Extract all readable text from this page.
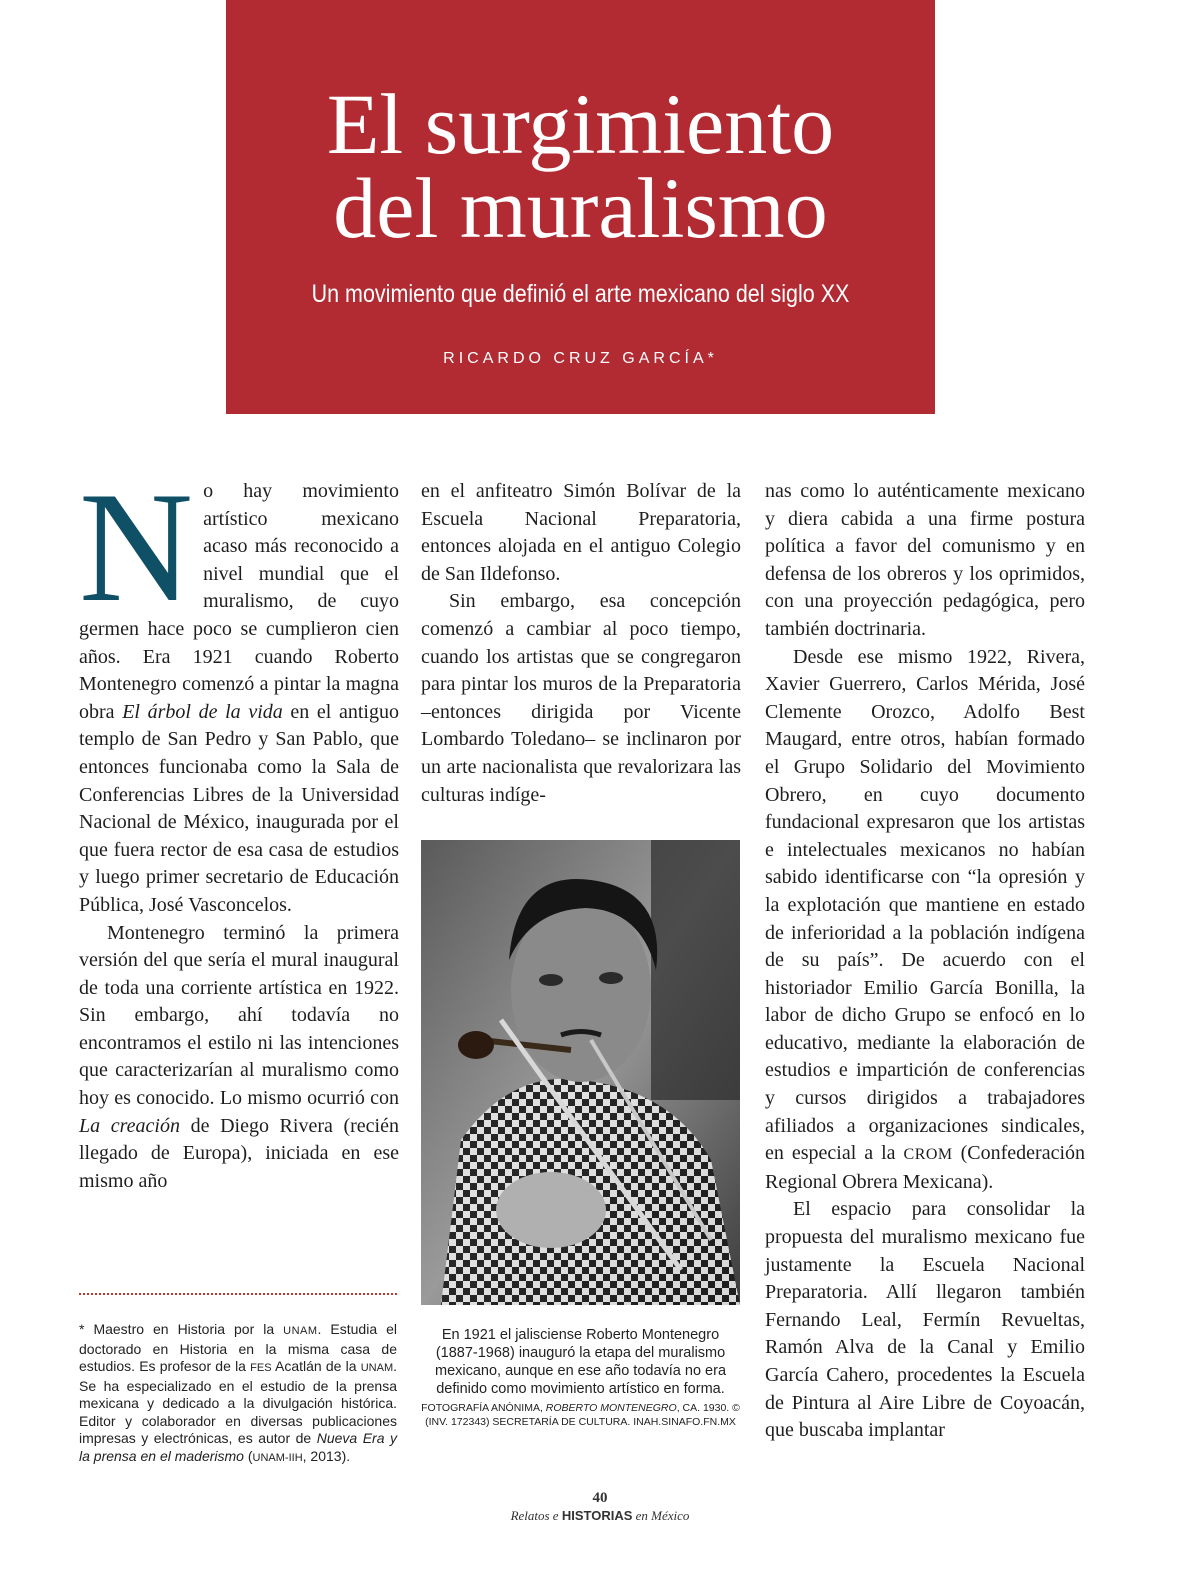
El surgimiento
del muralismo
Un movimiento que definió el arte mexicano del siglo XX
RICARDO CRUZ GARCÍA*

No hay movimiento artístico mexicano acaso más reconocido a nivel mundial que el muralismo, de cuyo germen hace poco se cumplieron cien años. Era 1921 cuando Roberto Montenegro comenzó a pintar la magna obra El árbol de la vida en el antiguo templo de San Pedro y San Pablo, que entonces funcionaba como la Sala de Conferencias Libres de la Universidad Nacional de México, inaugurada por el que fuera rector de esa casa de estudios y luego primer secretario de Educación Pública, José Vasconcelos.

Montenegro terminó la primera versión del que sería el mural inaugural de toda una corriente artística en 1922. Sin embargo, ahí todavía no encontramos el estilo ni las intenciones que caracterizarían al muralismo como hoy es conocido. Lo mismo ocurrió con La creación de Diego Rivera (recién llegado de Europa), iniciada en ese mismo año

* Maestro en Historia por la UNAM. Estudia el doctorado en Historia en la misma casa de estudios. Es profesor de la FES Acatlán de la UNAM. Se ha especializado en el estudio de la prensa mexicana y dedicado a la divulgación histórica. Editor y colaborador en diversas publicaciones impresas y electrónicas, es autor de Nueva Era y la prensa en el maderismo (UNAM-IIH, 2013).

en el anfiteatro Simón Bolívar de la Escuela Nacional Preparatoria, entonces alojada en el antiguo Colegio de San Ildefonso.

Sin embargo, esa concepción comenzó a cambiar al poco tiempo, cuando los artistas que se congregaron para pintar los muros de la Preparatoria –entonces dirigida por Vicente Lombardo Toledano– se inclinaron por un arte nacionalista que revalorizara las culturas indíge-

En 1921 el jalisciense Roberto Montenegro (1887-1968) inauguró la etapa del muralismo mexicano, aunque en ese año todavía no era definido como movimiento artístico en forma.

FOTOGRAFÍA ANÓNIMA, ROBERTO MONTENEGRO, CA. 1930. © (INV. 172343) SECRETARÍA DE CULTURA. INAH.SINAFO.FN.MX

nas como lo auténticamente mexicano y diera cabida a una firme postura política a favor del comunismo y en defensa de los obreros y los oprimidos, con una proyección pedagógica, pero también doctrinaria.

Desde ese mismo 1922, Rivera, Xavier Guerrero, Carlos Mérida, José Clemente Orozco, Adolfo Best Maugard, entre otros, habían formado el Grupo Solidario del Movimiento Obrero, en cuyo documento fundacional expresaron que los artistas e intelectuales mexicanos no habían sabido identificarse con “la opresión y la explotación que mantiene en estado de inferioridad a la población indígena de su país”. De acuerdo con el historiador Emilio García Bonilla, la labor de dicho Grupo se enfocó en lo educativo, mediante la elaboración de estudios e impartición de conferencias y cursos dirigidos a trabajadores afiliados a organizaciones sindicales, en especial a la CROM (Confederación Regional Obrera Mexicana).

El espacio para consolidar la propuesta del muralismo mexicano fue justamente la Escuela Nacional Preparatoria. Allí llegaron también Fernando Leal, Fermín Revueltas, Ramón Alva de la Canal y Emilio García Cahero, procedentes la Escuela de Pintura al Aire Libre de Coyoacán, que buscaba implantar

40
Relatos e HISTORIAS en México
